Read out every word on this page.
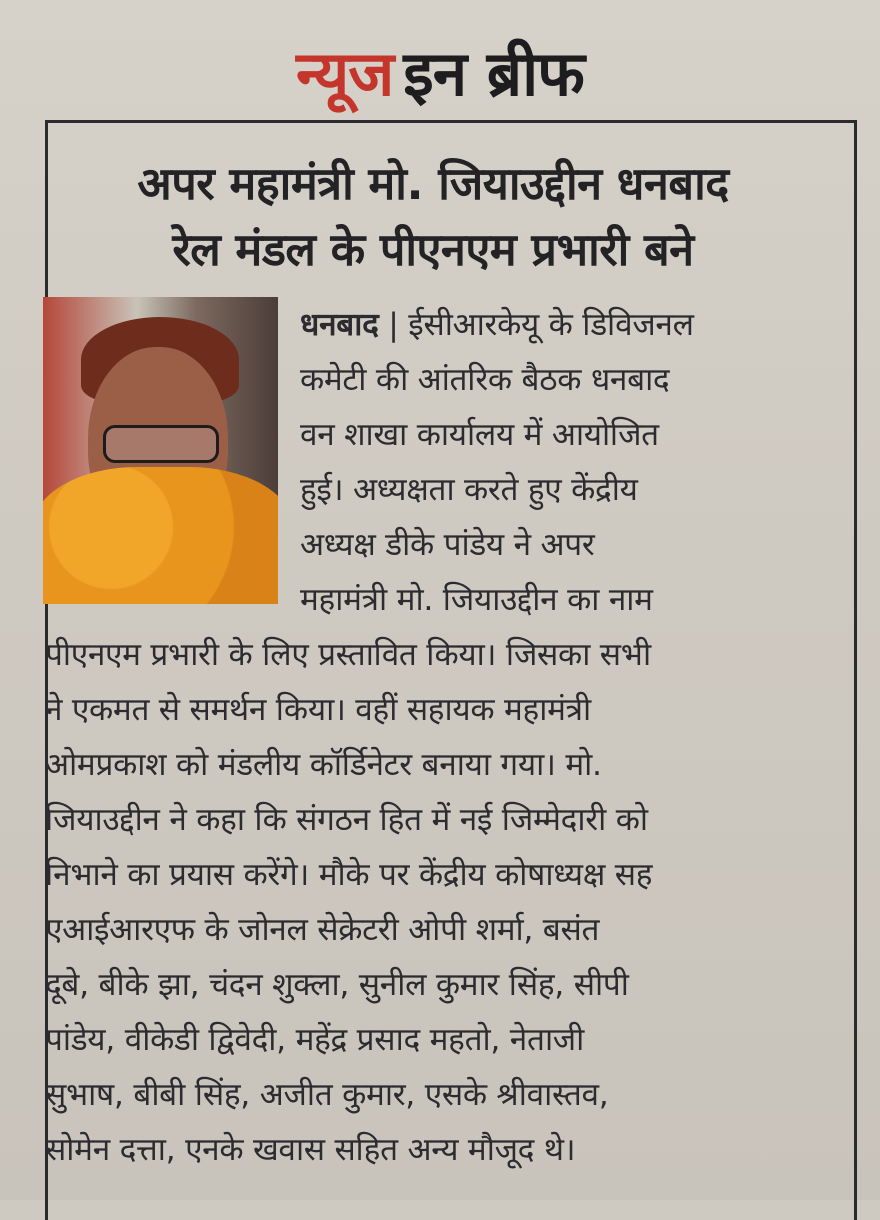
न्यूज इन ब्रीफ
अपर महामंत्री मो. जियाउद्दीन धनबाद
रेल मंडल के पीएनएम प्रभारी बने
धनबाद | ईसीआरकेयू के डिविजनल
कमेटी की आंतरिक बैठक धनबाद
वन शाखा कार्यालय में आयोजित
हुई। अध्यक्षता करते हुए केंद्रीय
अध्यक्ष डीके पांडेय ने अपर
महामंत्री मो. जियाउद्दीन का नाम
पीएनएम प्रभारी के लिए प्रस्तावित किया। जिसका सभी
ने एकमत से समर्थन किया। वहीं सहायक महामंत्री
ओमप्रकाश को मंडलीय कॉर्डिनेटर बनाया गया। मो.
जियाउद्दीन ने कहा कि संगठन हित में नई जिम्मेदारी को
निभाने का प्रयास करेंगे। मौके पर केंद्रीय कोषाध्यक्ष सह
एआईआरएफ के जोनल सेक्रेटरी ओपी शर्मा, बसंत
दूबे, बीके झा, चंदन शुक्ला, सुनील कुमार सिंह, सीपी
पांडेय, वीकेडी द्विवेदी, महेंद्र प्रसाद महतो, नेताजी
सुभाष, बीबी सिंह, अजीत कुमार, एसके श्रीवास्तव,
सोमेन दत्ता, एनके खवास सहित अन्य मौजूद थे।
